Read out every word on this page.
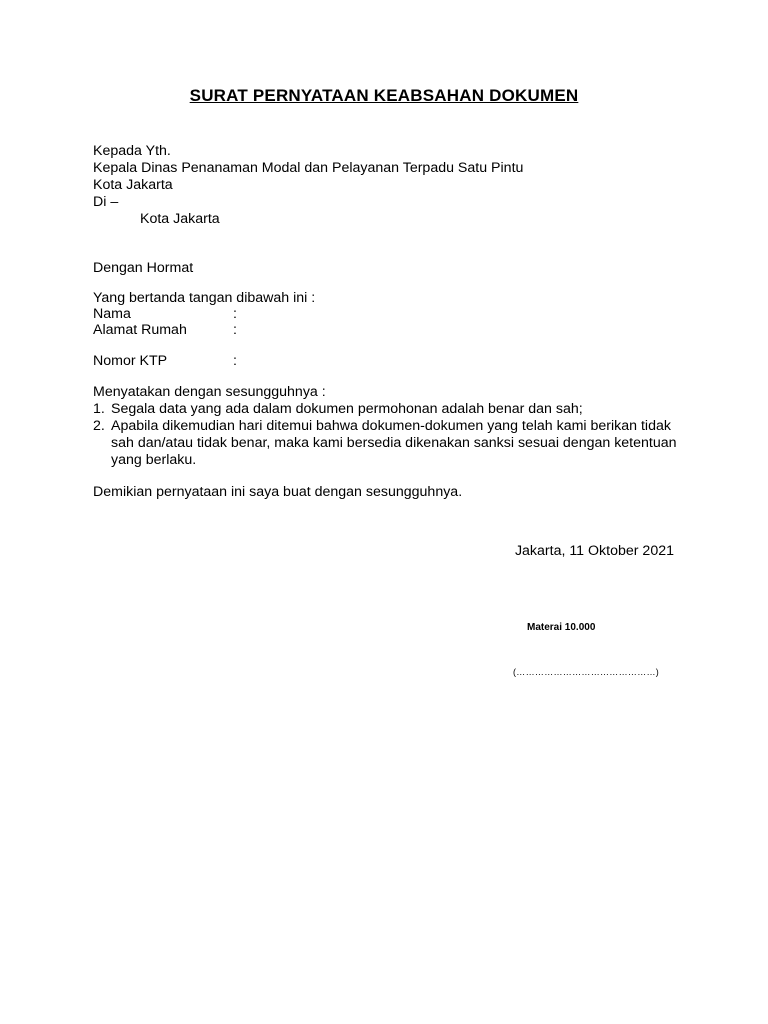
SURAT PERNYATAAN KEABSAHAN DOKUMEN
Kepada Yth.
Kepala Dinas Penanaman Modal dan Pelayanan Terpadu Satu Pintu
Kota Jakarta
Di –
Kota Jakarta
Dengan Hormat
Yang bertanda tangan dibawah ini :
Nama	:
Alamat Rumah	:
Nomor KTP	:
Menyatakan dengan sesungguhnya :
1. Segala data yang ada dalam dokumen permohonan adalah benar dan sah;
2. Apabila dikemudian hari ditemui bahwa dokumen-dokumen yang telah kami berikan tidak sah dan/atau tidak benar, maka kami bersedia dikenakan sanksi sesuai dengan ketentuan yang berlaku.
Demikian pernyataan ini saya buat dengan sesungguhnya.
Jakarta, 11 Oktober 2021
Materai 10.000
(………………………………………)
